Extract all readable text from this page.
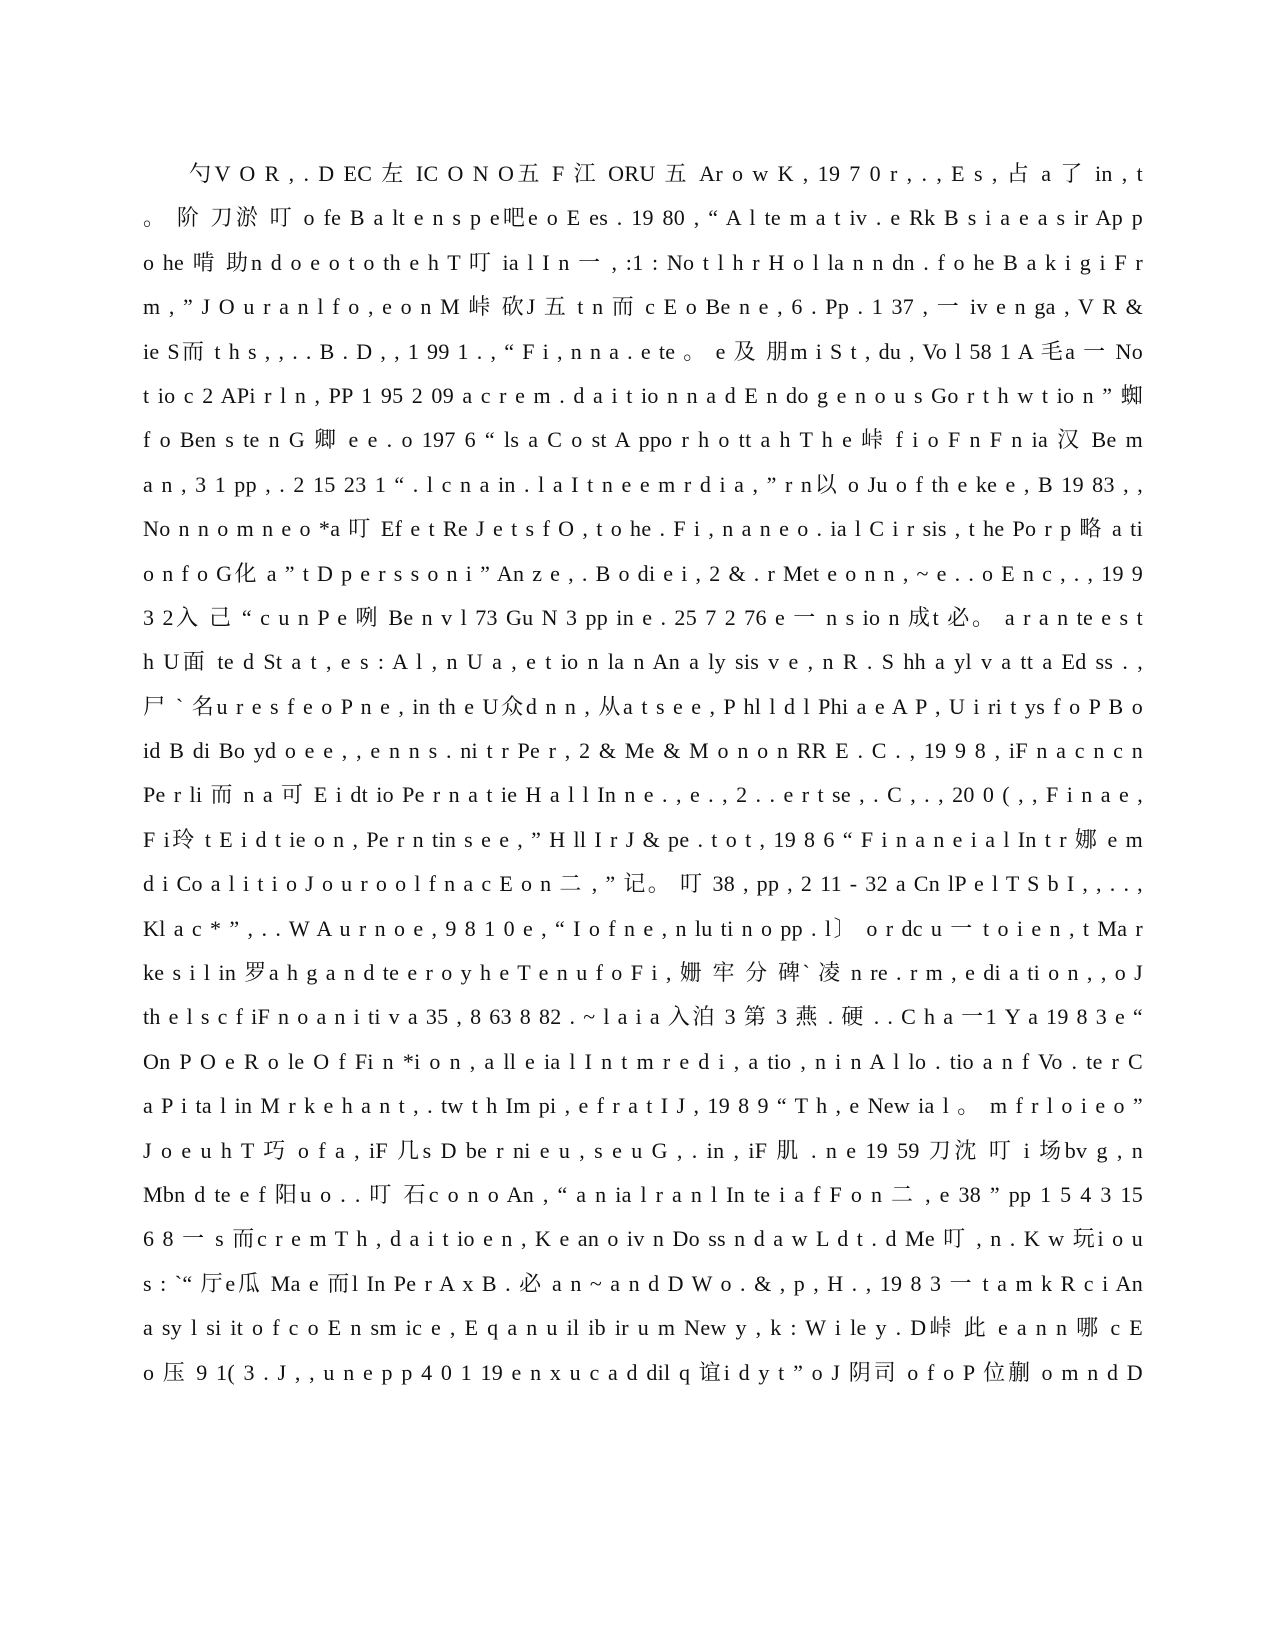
勺V O R , . D EC 左 IC O N O五 F 江 ORU 五 Ar o w K , 19 7 0 r , . , E s , 占 a 了 in , t
。 阶 刀淤 叮 o fe B a lt e n s p e吧e o E es . 19 80 , “ A l te m a t iv . e Rk B s i a e a s ir Ap p
o he 啃 助n d o e o t o th e h T 叮 ia l I n 一 , :1 : No t l h r H o l la n n dn . f o he B a k i g i F r
m , ” J O u r a n l f o , e o n M 峠 砍J 五 t n 而 c E o Be n e , 6 . Pp . 1 37 , 一 iv e n ga , V R &
ie S而 t h s , , . . B . D , , 1 99 1 . , “ F i , n n a . e te 。 e 及 朋m i S t , du , Vo l 58 1 A 毛a 一 No
t io c 2 APi r l n , PP 1 95 2 09 a c r e m . d a i t io n n a d E n do g e n o u s Go r t h w t io n ” 蜘
f o Ben s te n G 卿 e e . o 197 6 “ ls a C o st A ppo r h o tt a h T h e 峠 f i o F n F n ia 汉 Be m
a n , 3 1 pp , . 2 15 23 1 “ . l c n a in . l a I t n e e m r d i a , ” r n以 o Ju o f th e ke e , B 19 83 , ,
No n n o m n e o *a 叮 Ef e t Re J e t s f O , t o he . F i , n a n e o . ia l C i r sis , t he Po r p 略 a ti
o n f o G化 a ” t D p e r s s o n i ” An z e , . B o di e i , 2 & . r Met e o n n , ~ e . . o E n c , . , 19 9
3 2入 己 “ c u n P e 咧 Be n v l 73 Gu N 3 pp in e . 25 7 2 76 e 一 n s io n 成t 必。 a r a n te e s t
h U面 te d St a t , e s : A l , n U a , e t io n la n An a ly sis v e , n R . S hh a yl v a tt a Ed ss . ,
尸 ` 名u r e s f e o P n e , in th e U众d n n , 从a t s e e , P hl l d l Phi a e A P , U i ri t ys f o P B o
id B di Bo yd o e e , , e n n s . ni t r Pe r , 2 & Me & M o n o n RR E . C . , 19 9 8 , iF n a c n c n
Pe r li 而 n a 可 E i dt io Pe r n a t ie H a l l In n e . , e . , 2 . . e r t se , . C , . , 20 0 ( , , F i n a e ,
F i玲 t E i d t ie o n , Pe r n tin s e e , ” H ll I r J & pe . t o t , 19 8 6 “ F i n a n e i a l In t r 娜 e m
d i Co a l i t i o J o u r o o l f n a c E o n 二 , ” 记。 叮 38 , pp , 2 11 - 32 a Cn lP e l T S b I , , . . ,
Kl a c * ” , . . W A u r n o e , 9 8 1 0 e , “ I o f n e , n lu ti n o pp . l〕 o r dc u 一 t o i e n , t Ma r
ke s i l in 罗a h g a n d te e r o y h e T e n u f o F i , 姗 牢 分 碑` 凌 n re . r m , e di a ti o n , , o J
th e l s c f iF n o a n i ti v a 35 , 8 63 8 82 . ~ l a i a 入泊 3 第 3 燕 . 硬 . . C h a 一1 Y a 19 8 3 e “
On P O e R o le O f Fi n *i o n , a ll e ia l I n t m r e d i , a tio , n i n A l lo . tio a n f Vo . te r C
a P i ta l in M r k e h a n t , . tw t h Im pi , e f r a t I J , 19 8 9 “ T h , e New ia l 。 m f r l o i e o ”
J o e u h T 巧 o f a , iF 几s D be r ni e u , s e u G , . in , iF 肌 . n e 19 59 刀沈 叮 i 场bv g , n
Mbn d te e f 阳u o . . 叮 石c o n o An , “ a n ia l r a n l In te i a f F o n 二 , e 38 ” pp 1 5 4 3 15
6 8 一 s 而c r e m T h , d a i t io e n , K e an o iv n Do ss n d a w L d t . d Me 叮 , n . K w 玩i o u
s : `“ 厅e瓜 Ma e 而l In Pe r A x B . 必 a n ~ a n d D W o . & , p , H . , 19 8 3 一 t a m k R c i An
a sy l si it o f c o E n sm ic e , E q a n u il ib ir u m New y , k : W i le y . D峠 此 e a n n 哪 c E
o 压 9 1( 3 . J , , u n e p p 4 0 1 19 e n x u c a d dil q 谊i d y t ” o J 阴司 o f o P 位蒯 o m n d D
